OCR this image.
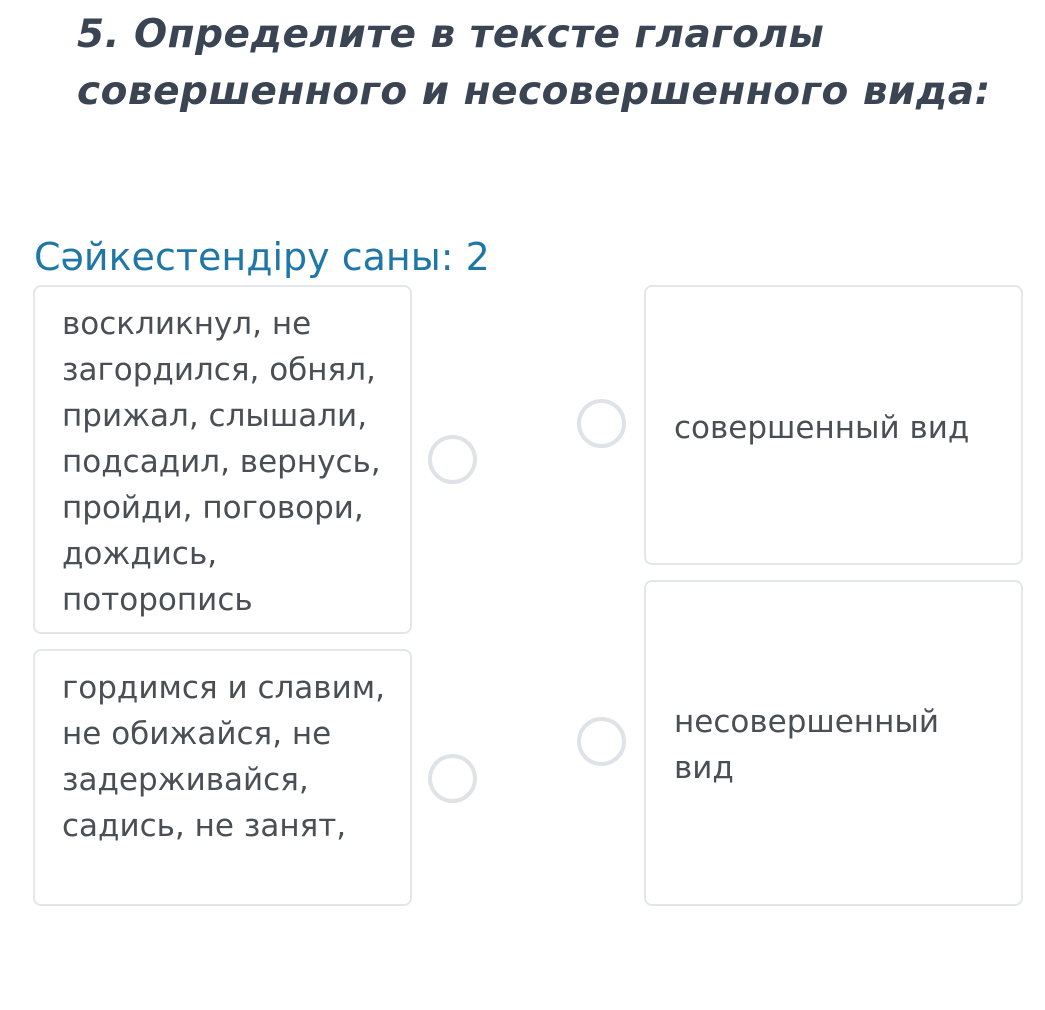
5. Определите в тексте глаголы
совершенного и несовершенного вида:
Сәйкестендіру саны: 2
воскликнул, не загордился, обнял, прижал, слышали, подсадил, вернусь, пройди, поговори, дождись, поторопись
гордимся и славим, не обижайся, не задерживайся, садись, не занят,
совершенный вид
несовершенный вид
